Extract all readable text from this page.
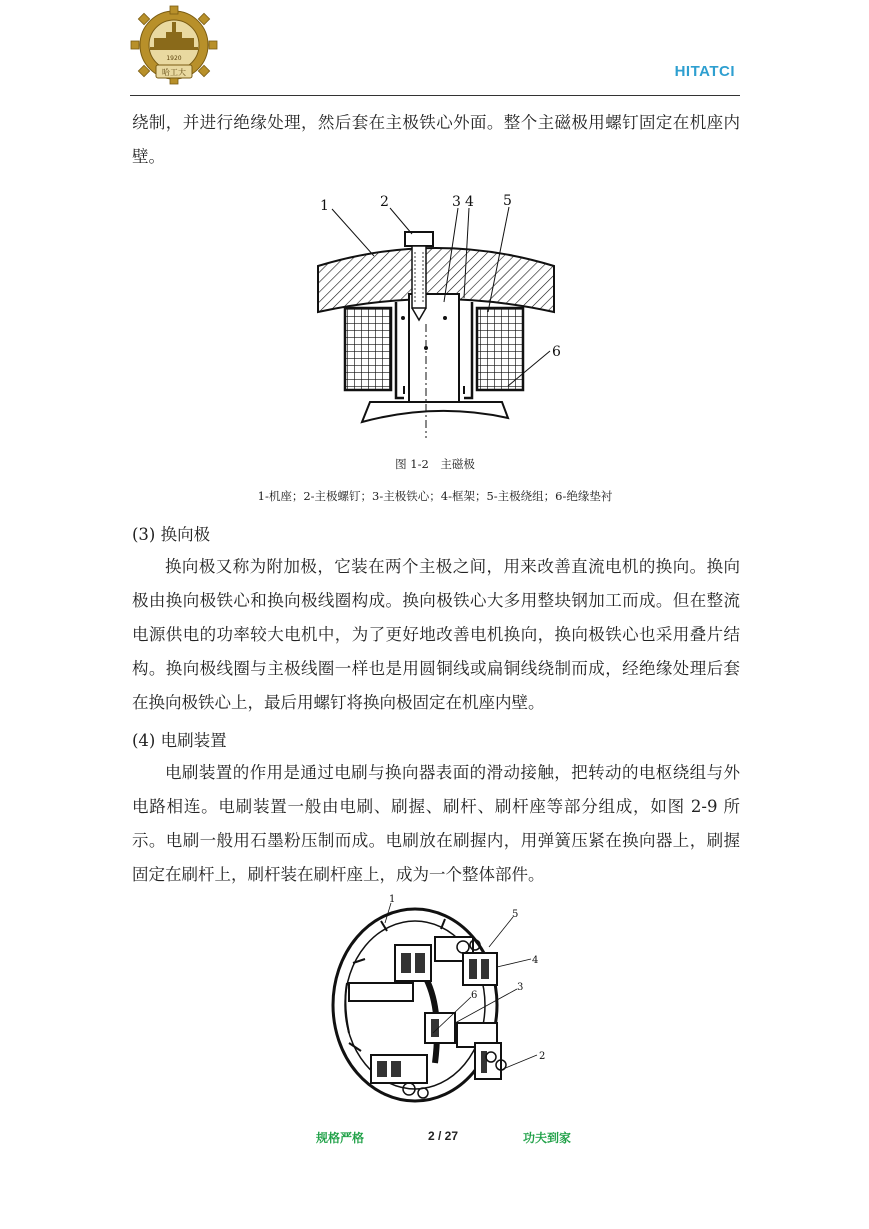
1920
哈工大	HITATCI

绕制，并进行绝缘处理，然后套在主极铁心外面。整个主磁极用螺钉固定在机座内壁。

1	2	3 4 5
6

图 1-2　主磁极

1-机座；2-主极螺钉；3-主极铁心；4-框架；5-主极绕组；6-绝缘垫衬

(3) 换向极

换向极又称为附加极，它装在两个主极之间，用来改善直流电机的换向。换向极由换向极铁心和换向极线圈构成。换向极铁心大多用整块钢加工而成。但在整流电源供电的功率较大电机中，为了更好地改善电机换向，换向极铁心也采用叠片结构。换向极线圈与主极线圈一样也是用圆铜线或扁铜线绕制而成，经绝缘处理后套在换向极铁心上，最后用螺钉将换向极固定在机座内壁。

(4) 电刷装置

电刷装置的作用是通过电刷与换向器表面的滑动接触，把转动的电枢绕组与外电路相连。电刷装置一般由电刷、刷握、刷杆、刷杆座等部分组成，如图 2-9 所示。电刷一般用石墨粉压制而成。电刷放在刷握内，用弹簧压紧在换向器上，刷握固定在刷杆上，刷杆装在刷杆座上，成为一个整体部件。

1
2
3
4
5
6
规格严格	2 / 27	功夫到家
